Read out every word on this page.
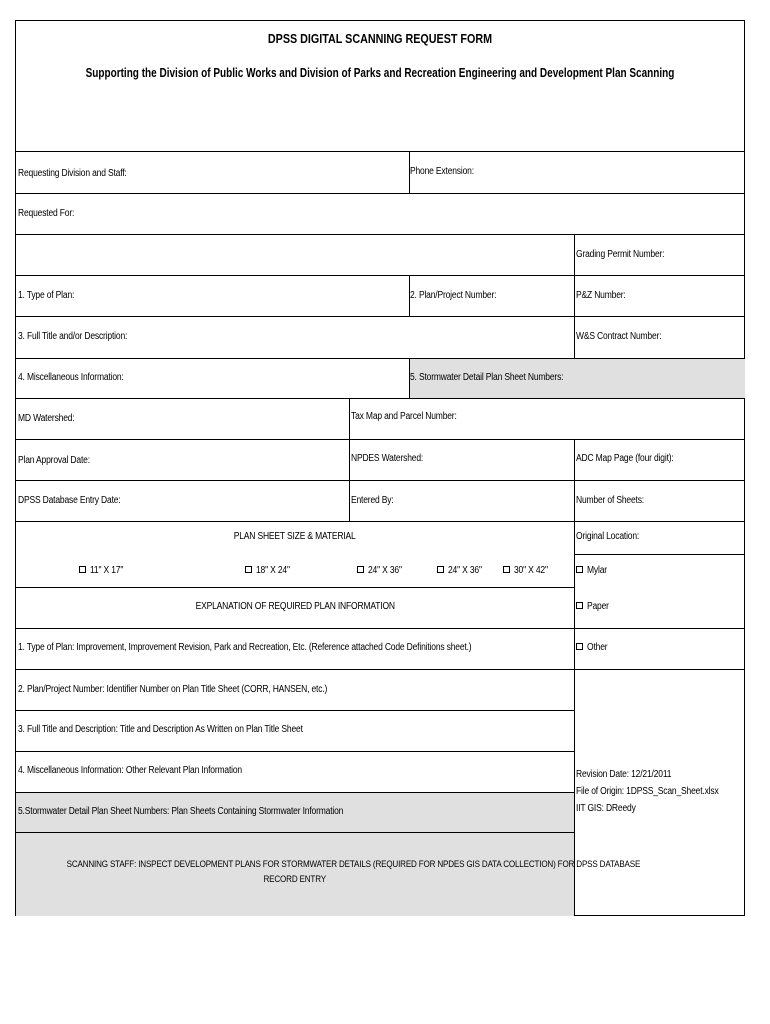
DPSS DIGITAL SCANNING REQUEST FORM
Supporting the Division of Public Works and Division of Parks and Recreation Engineering and Development Plan Scanning
Requesting Division and Staff:	Phone Extension:
Requested For:
Grading Permit Number:
1. Type of Plan:	2. Plan/Project Number:	P&Z Number:
3. Full Title and/or Description:	W&S Contract Number:
4. Miscellaneous Information:	5. Stormwater Detail Plan Sheet Numbers:
MD Watershed:	Tax Map and Parcel Number:
Plan Approval Date:	NPDES Watershed:	ADC Map Page (four digit):
DPSS Database Entry Date:	Entered By:	Number of Sheets:
PLAN SHEET SIZE & MATERIAL	Original Location:
11" X 17"	18" X 24"	24" X 36"	24" X 36"	30" X 42"	Mylar
Paper
Other
EXPLANATION OF REQUIRED PLAN INFORMATION
1. Type of Plan: Improvement, Improvement Revision, Park and Recreation, Etc. (Reference attached Code Definitions sheet.)
2. Plan/Project Number: Identifier Number on Plan Title Sheet (CORR, HANSEN, etc.)
3. Full Title and Description: Title and Description As Written on Plan Title Sheet
4. Miscellaneous Information: Other Relevant Plan Information
5.Stormwater Detail Plan Sheet Numbers: Plan Sheets Containing Stormwater Information
SCANNING STAFF: INSPECT DEVELOPMENT PLANS FOR STORMWATER DETAILS (REQUIRED FOR NPDES GIS DATA COLLECTION) FOR DPSS DATABASE
RECORD ENTRY
Revision Date: 12/21/2011
File of Origin: 1DPSS_Scan_Sheet.xlsx
IIT GIS: DReedy
